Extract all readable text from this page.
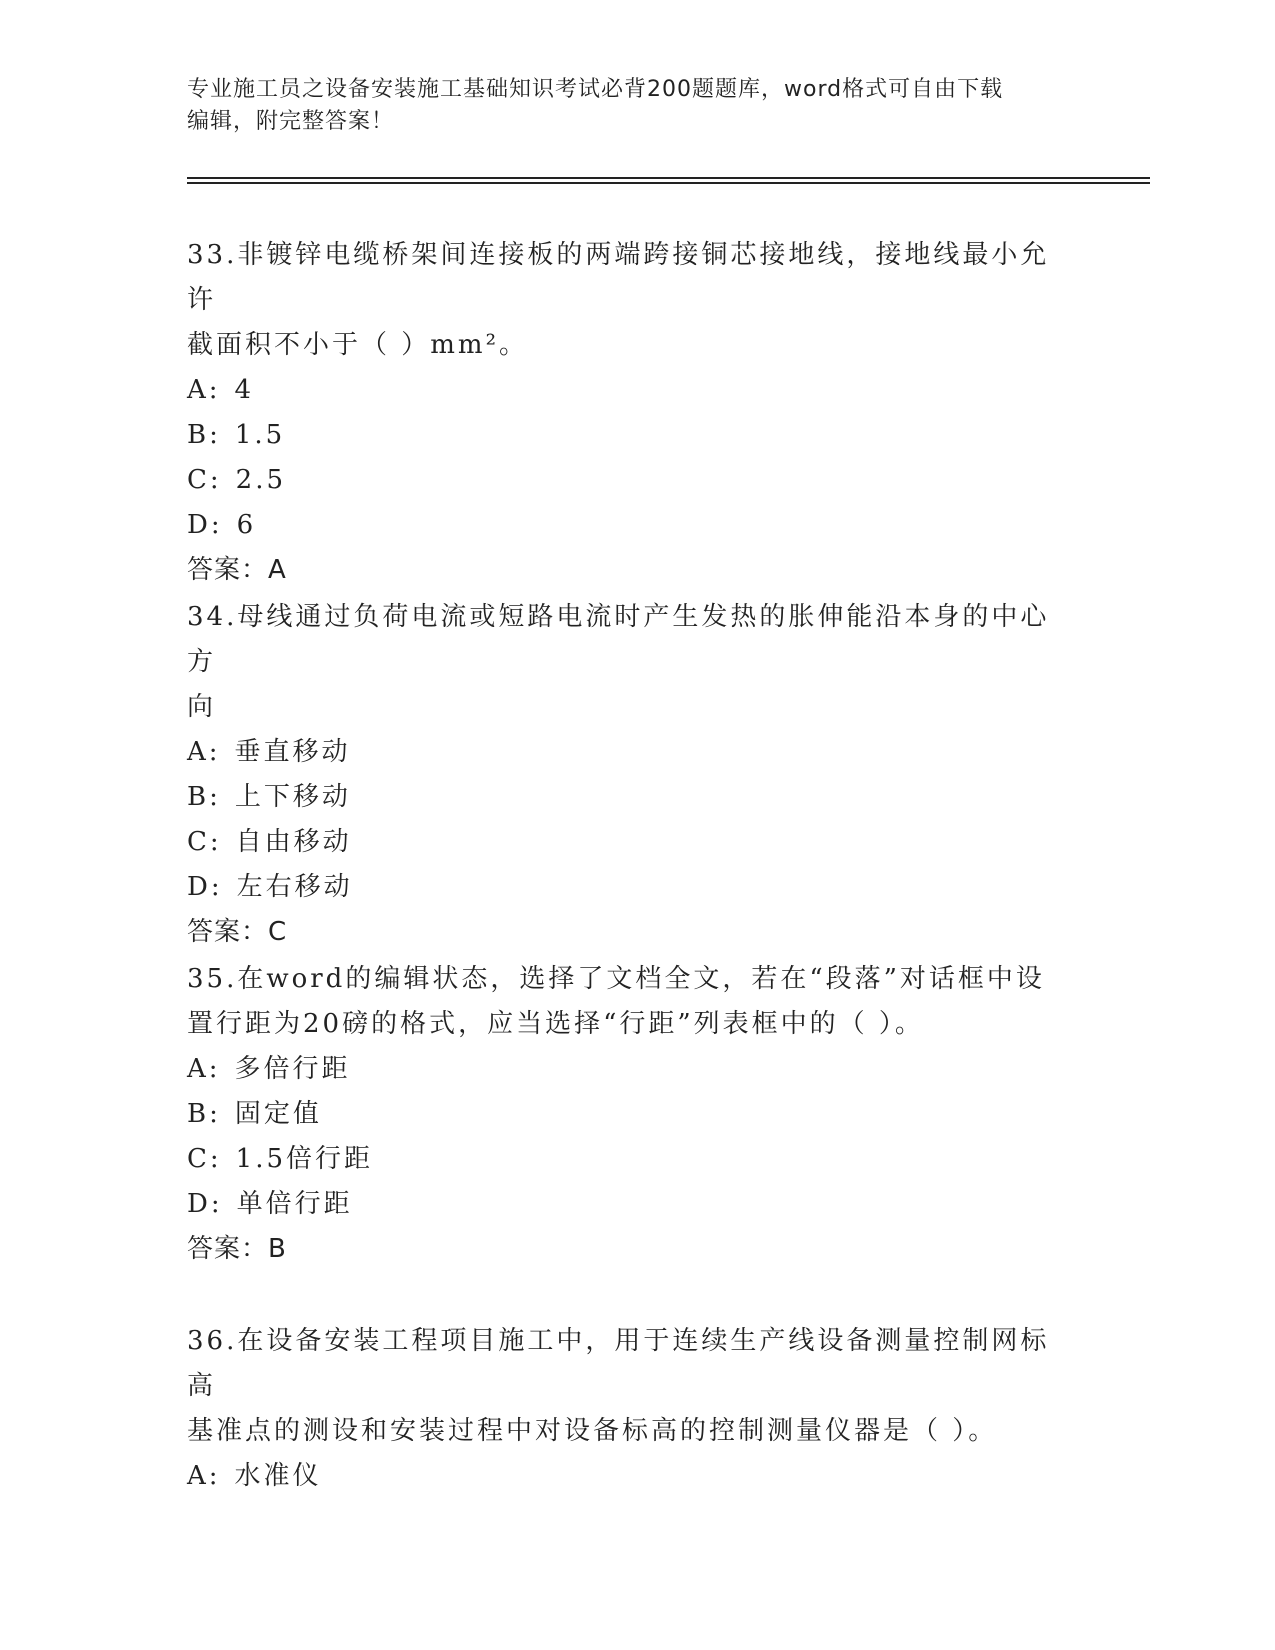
专业施工员之设备安装施工基础知识考试必背200题题库，word格式可自由下载
编辑，附完整答案！

33.非镀锌电缆桥架间连接板的两端跨接铜芯接地线，接地线最小允许

截面积不小于（ ）mm²。

A: 4

B: 1.5

C: 2.5

D: 6

答案：A

34.母线通过负荷电流或短路电流时产生发热的胀伸能沿本身的中心方

向

A: 垂直移动

B: 上下移动

C: 自由移动

D: 左右移动

答案：C

35.在word的编辑状态，选择了文档全文，若在“段落”对话框中设

置行距为20磅的格式，应当选择“行距”列表框中的（ ）。

A: 多倍行距

B: 固定值

C: 1.5倍行距

D: 单倍行距

答案：B

36.在设备安装工程项目施工中，用于连续生产线设备测量控制网标高

基准点的测设和安装过程中对设备标高的控制测量仪器是（ ）。

A: 水准仪
